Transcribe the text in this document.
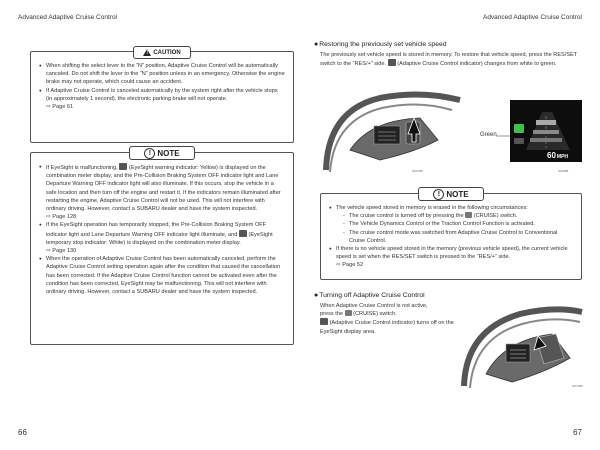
Advanced Adaptive Cruise Control	Advanced Adaptive Cruise Control
!
CAUTION
● When shifting the select lever to the “N” position, Adaptive Cruise Control will be automatically canceled. Do not shift the lever to the “N” position unless in an emergency. Otherwise the engine brake may not operate, which could cause an accident.
● If Adaptive Cruise Control is canceled automatically by the system right after the vehicle stops (in approximately 1 second), the electronic parking brake will not operate.
⇨ Page 61
! NOTE
● If EyeSight is malfunctioning, (EyeSight warning indicator: Yellow) is displayed on the combination meter display, and the Pre-Collision Braking System OFF indicator light and Lane Departure Warning OFF indicator light will also illuminate. If this occurs, stop the vehicle in a safe location and then turn off the engine and restart it. If the indicators remain illuminated after restarting the engine, Adaptive Cruise Control will not be used. This will not interfere with ordinary driving. However, contact a SUBARU dealer and have the system inspected.
⇨ Page 128
● If the EyeSight operation has temporarily stopped, the Pre-Collision Braking System OFF indicator light and Lane Departure Warning OFF indicator light illuminate, and (EyeSight temporary stop indicator: White) is displayed on the combination meter display.
⇨ Page 130
● When the operation of Adaptive Cruise Control has been automatically canceled, perform the Adaptive Cruise Control setting operation again after the condition that caused the cancellation has been corrected. If the Adaptive Cruise Control function cannot be activated even after the condition has been corrected, EyeSight may be malfunctioning. This will not interfere with ordinary driving. However, contact a SUBARU dealer and have the system inspected.
66
● Restoring the previously set vehicle speed
The previously set vehicle speed is stored in memory. To restore that vehicle speed, press the RES/SET switch to the “RES/+” side. (Adaptive Cruise Control indicator) changes from white to green.
Green
60MPH
SC0786	S32988
! NOTE
● The vehicle speed stored in memory is erased in the following circumstances:
- The cruise control is turned off by pressing the (CRUISE) switch.
- The Vehicle Dynamics Control or the Traction Control Function is activated.
- The cruise control mode was switched from Adaptive Cruise Control to Conventional Cruise Control.
● If there is no vehicle speed stored in the memory (previous vehicle speed), the current vehicle speed is set when the RES/SET switch is pressed to the “RES/+” side.
⇨ Page 52
● Turning off Adaptive Cruise Control
When Adaptive Cruise Control is not active,
press the (CRUISE) switch.
(Adaptive Cruise Control indicator) turns off on the EyeSight display area.
SC1050
67
